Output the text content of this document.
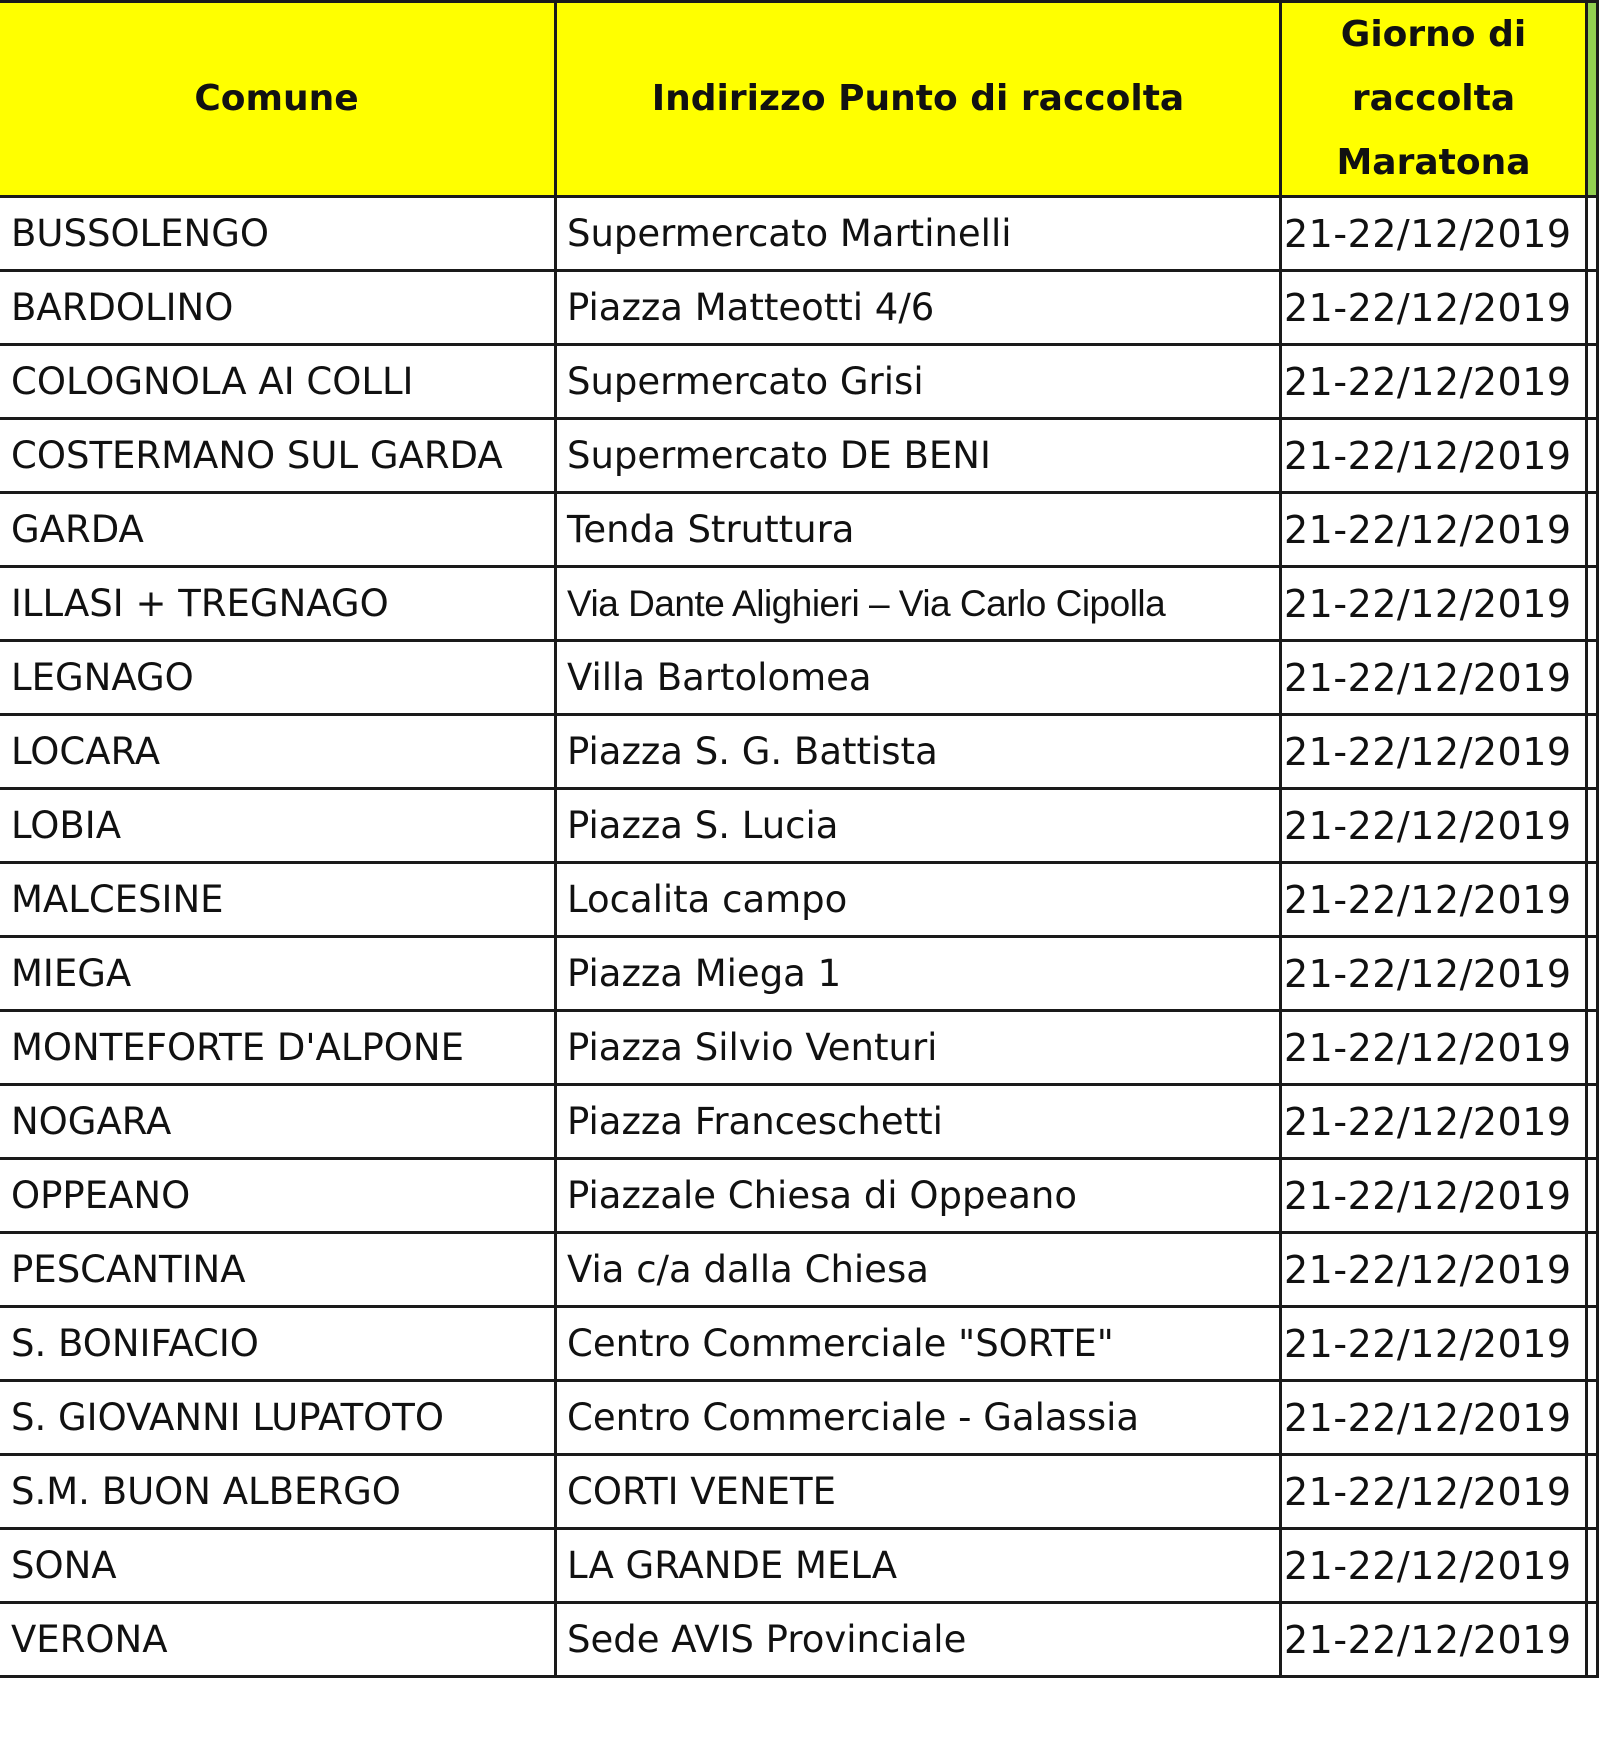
Comune	Indirizzo Punto di raccolta	Giorno di
raccolta
Maratona	
BUSSOLENGO	Supermercato Martinelli	21-22/12/2019	
BARDOLINO	Piazza Matteotti 4/6	21-22/12/2019	
COLOGNOLA AI COLLI	Supermercato Grisi	21-22/12/2019	
COSTERMANO SUL GARDA	Supermercato DE BENI	21-22/12/2019	
GARDA	Tenda Struttura	21-22/12/2019	
ILLASI + TREGNAGO	Via Dante Alighieri – Via Carlo Cipolla	21-22/12/2019	
LEGNAGO	Villa Bartolomea	21-22/12/2019	
LOCARA	Piazza S. G. Battista	21-22/12/2019	
LOBIA	Piazza S. Lucia	21-22/12/2019	
MALCESINE	Localita campo	21-22/12/2019	
MIEGA	Piazza Miega 1	21-22/12/2019	
MONTEFORTE D'ALPONE	Piazza Silvio Venturi	21-22/12/2019	
NOGARA	Piazza Franceschetti	21-22/12/2019	
OPPEANO	Piazzale Chiesa di Oppeano	21-22/12/2019	
PESCANTINA	Via c/a dalla Chiesa	21-22/12/2019	
S. BONIFACIO	Centro Commerciale "SORTE"	21-22/12/2019	
S. GIOVANNI LUPATOTO	Centro Commerciale - Galassia	21-22/12/2019	
S.M. BUON ALBERGO	CORTI VENETE	21-22/12/2019	
SONA	LA GRANDE MELA	21-22/12/2019	
VERONA	Sede AVIS Provinciale	21-22/12/2019	
